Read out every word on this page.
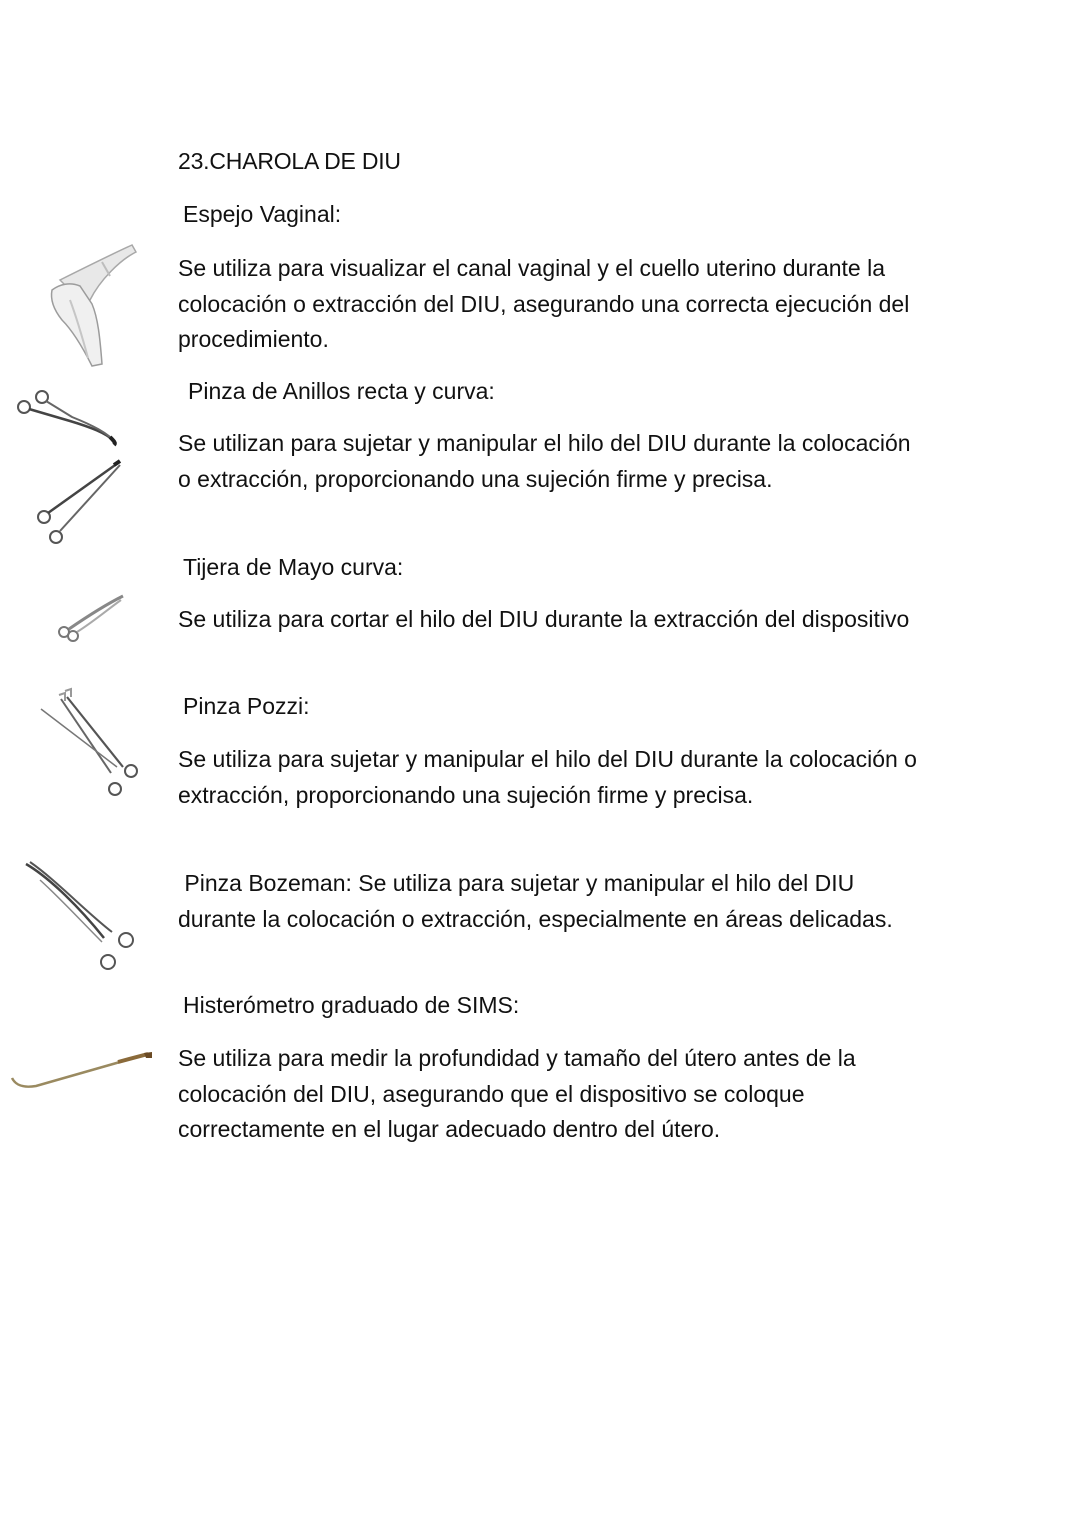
23.CHAROLA DE DIU
Espejo Vaginal:
Se utiliza para visualizar el canal vaginal y el cuello uterino durante la colocación o extracción del DIU, asegurando una correcta ejecución del procedimiento.
Pinza de Anillos recta y curva:
Se utilizan para sujetar y manipular el hilo del DIU durante la colocación o extracción, proporcionando una sujeción firme y precisa.
Tijera de Mayo curva:
Se utiliza para cortar el hilo del DIU durante la extracción del dispositivo
Pinza Pozzi:
Se utiliza para sujetar y manipular el hilo del DIU durante la colocación o extracción, proporcionando una sujeción firme y precisa.
Pinza Bozeman: Se utiliza para sujetar y manipular el hilo del DIU durante la colocación o extracción, especialmente en áreas delicadas.
Histerómetro graduado de SIMS:
Se utiliza para medir la profundidad y tamaño del útero antes de la colocación del DIU, asegurando que el dispositivo se coloque correctamente en el lugar adecuado dentro del útero.
